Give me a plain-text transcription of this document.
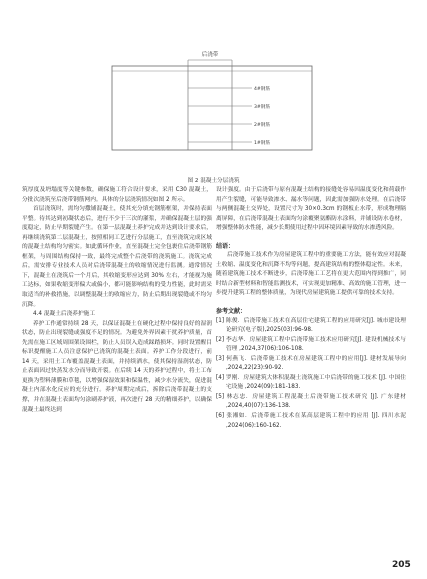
后浇带
4#钢筋
3#钢筋
2#钢筋
1#钢筋
图 2 混凝土分层浇筑

筑厚度及坍塌度等关键参数，确保施工符合设计要求，采用 C30 混凝土，分批次浇筑至后浇带钢筋网内。具体的分层浇筑情况如图 2 所示。

首层浇筑时，需均匀撒铺混凝土，使其充分填充钢筋框架，并保持表面平整。待其达到初凝状态后，进行不少于三次的灌浆，并确保混凝土层的强度稳定，防止早期裂缝产生。在第一层混凝土养护完成并达到设计要求后，再继续浇筑第二层混凝土，按照相同工艺进行分层施工，直至浇筑完成区域的混凝土结构均匀密实。如此循环作业，直至混凝土完全包裹住后浇带钢筋框架，与周围结构保持一致，最终完成整个后浇带的浇筑施工。浇筑完成后，需安排专业技术人员对后浇带混凝土的收缩情况进行监测。通常情况下，混凝土在浇筑后一个月后，其收缩变形应达到 30% 左右，才能视为施工达标，如果收缩变形偏大或偏小，都可能影响结构的受力性能，此时需采取适当的补救措施，以调整混凝土的收缩应力，防止后期出现裂缝或不均匀沉降。

4.4 混凝土后浇养护施工

养护工作通常持续 28 天，以保证混凝土在硬化过程中保持良好的湿润状态，防止出现裂缝或强度不足的情况。为避免外界因素干扰养护质量，首先需在施工区域周围架设围栏，防止人员误入造成踩踏损坏。同时设置醒目标识提醒施工人员注意保护已浇筑的混凝土表面。养护工作分段进行，前 14 天，采用土工布覆盖混凝土表面，并持续洒水，使其保持湿润状态，防止表面因过快蒸发水分而导致开裂。在后续 14 天的养护过程中，将土工布更换为塑料薄膜和草毯，以增强保湿效果和保温性，减少水分流失，促进混凝土内部水化反应的充分进行。养护周期完成后，拆除后浇带混凝土的支撑，并在混凝土表面均匀涂刷养护液，再次进行 28 天的精细养护，以确保混凝土最终达到

设计强度。由于后浇带与原有混凝土结构的接缝处容易因温度变化和荷载作用产生裂缝，可能导致渗水、漏水等问题，因此需加强防水处理。在后浇带与两侧混凝土交界处，设置尺寸为 30×0.3cm 的钢板止水带，形成物理隔离屏障，在后浇带混凝土表面均匀涂覆聚氨酯防水涂料，并铺设防水卷材，增强整体防水性能，减少长期使用过程中因环境因素导致的水渗透风险。

结语：

后浇带施工技术作为房屋建筑工程中的重要施工方法，能有效应对混凝土收缩、温度变化和沉降不均等问题，提高建筑结构的整体稳定性。未来，随着建筑施工技术不断进步，后浇带施工工艺将在更大范围内得到推广，同时结合新型材料和智能监测技术，可实现更加精准、高效的施工管理，进一步提升建筑工程的整体质量，为现代房屋建筑施工提供可靠的技术支持。

参考文献：

[1] 陈俊．后浇带施工技术在高层住宅建筑工程的应用研究[J]. 城市建设理论研究(电子版),2025(03):96-98.

[2] 李志华．房屋建筑工程中后浇带施工技术应用研究[J]. 建设机械技术与管理 ,2024,37(06):106-108.

[3] 何燕飞．后浇带施工技术在房屋建筑工程中的应用[J]. 建材发展导向 ,2024,22(23):90-92.

[4] 罗刚．房屋建筑大体积混凝土浇筑施工中后浇带的施工技术 [J]. 中国住宅设施 ,2024(09):181-183.

[5] 林志忠．房屋建筑工程混凝土后浇带施工技术研究 [J]. 广东建材 ,2024,40(07):136-138.

[6] 张湘如．后浇带施工技术在某高层建筑工程中的应用 [J]. 四川水泥 ,2024(06):160-162.

205
